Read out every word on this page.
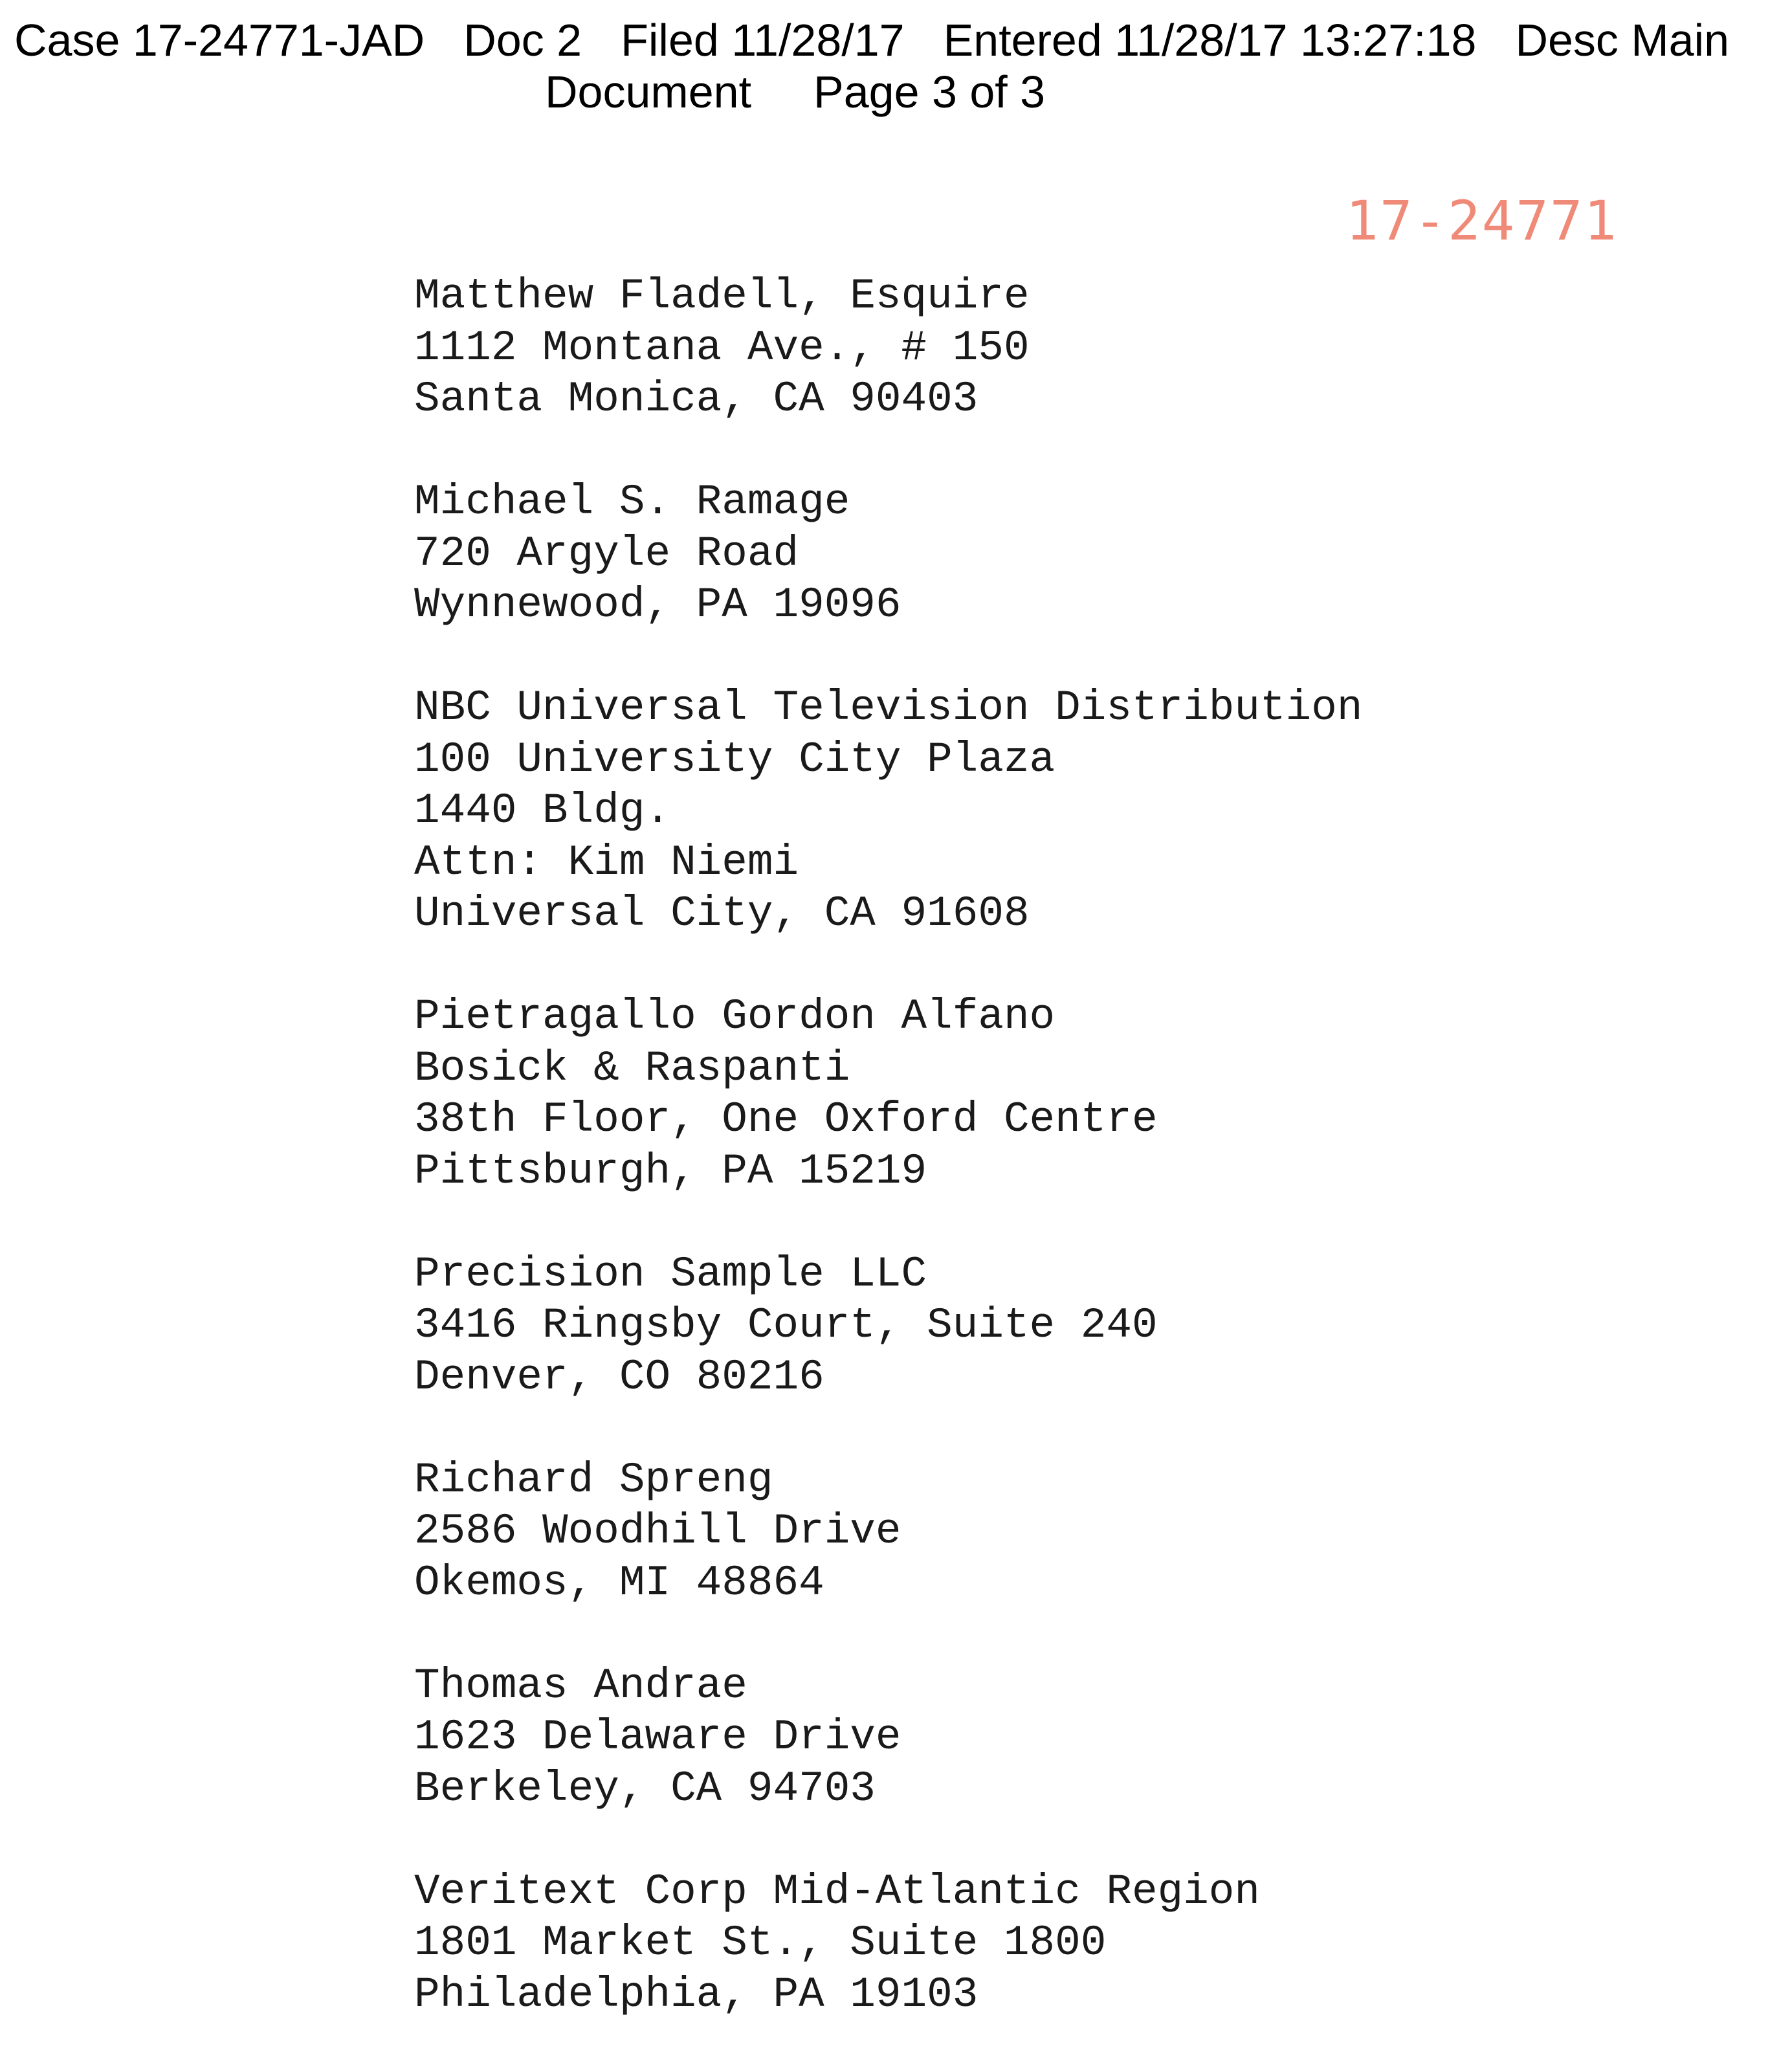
Case 17-24771-JAD Doc 2 Filed 11/28/17 Entered 11/28/17 13:27:18 Desc Main
Document Page 3 of 3
17-24771
Matthew Fladell, Esquire
1112 Montana Ave., # 150
Santa Monica, CA 90403
Michael S. Ramage
720 Argyle Road
Wynnewood, PA 19096
NBC Universal Television Distribution
100 University City Plaza
1440 Bldg.
Attn: Kim Niemi
Universal City, CA 91608
Pietragallo Gordon Alfano
Bosick & Raspanti
38th Floor, One Oxford Centre
Pittsburgh, PA 15219
Precision Sample LLC
3416 Ringsby Court, Suite 240
Denver, CO 80216
Richard Spreng
2586 Woodhill Drive
Okemos, MI 48864
Thomas Andrae
1623 Delaware Drive
Berkeley, CA 94703
Veritext Corp Mid-Atlantic Region
1801 Market St., Suite 1800
Philadelphia, PA 19103
